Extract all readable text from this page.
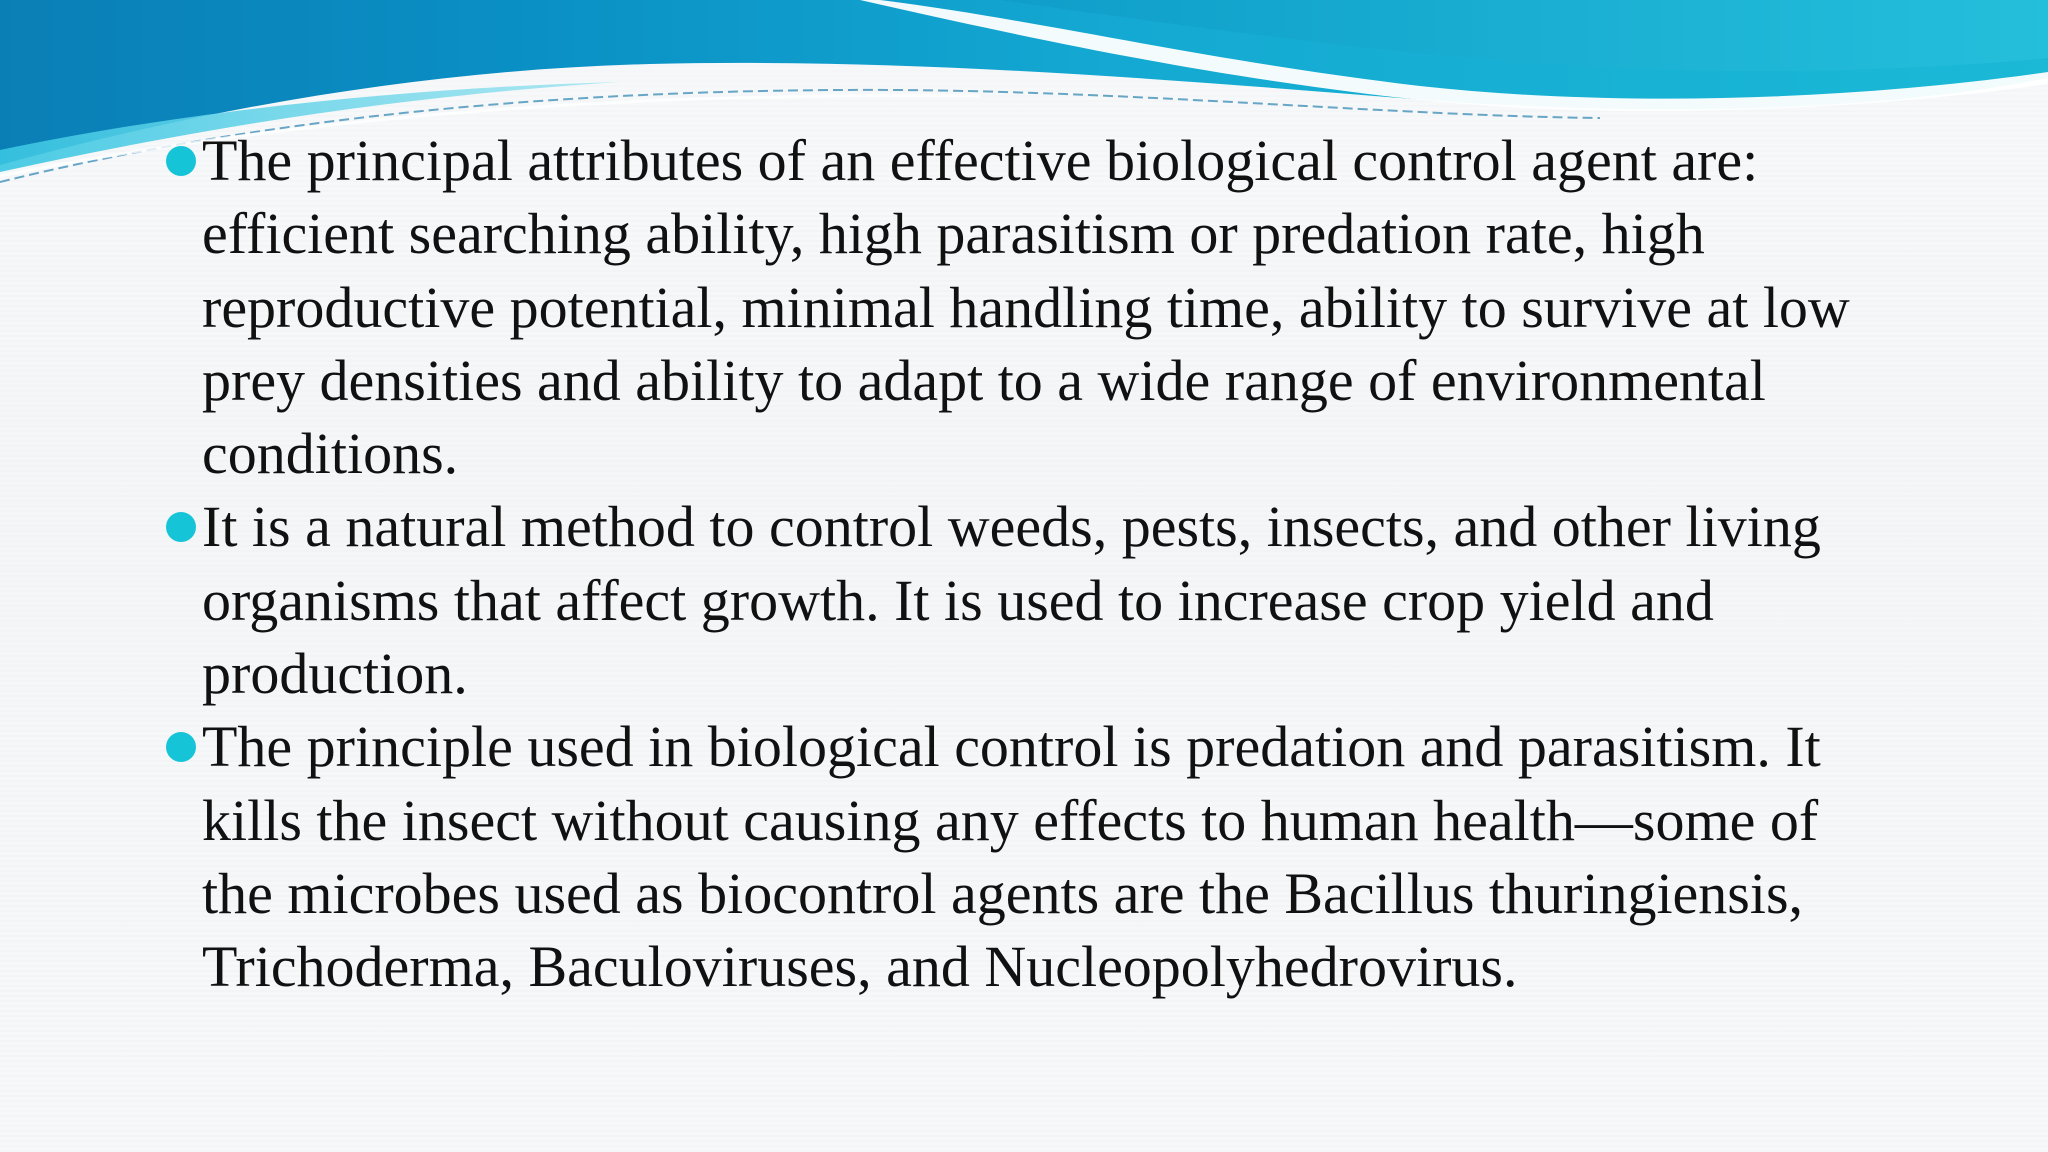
The principal attributes of an effective biological control agent are: efficient searching ability, high parasitism or predation rate, high reproductive potential, minimal handling time, ability to survive at low prey densities and ability to adapt to a wide range of environmental conditions.
It is a natural method to control weeds, pests, insects, and other living organisms that affect growth. It is used to increase crop yield and production.
The principle used in biological control is predation and parasitism. It kills the insect without causing any effects to human health—some of the microbes used as biocontrol agents are the Bacillus thuringiensis, Trichoderma, Baculoviruses, and Nucleopolyhedrovirus.
